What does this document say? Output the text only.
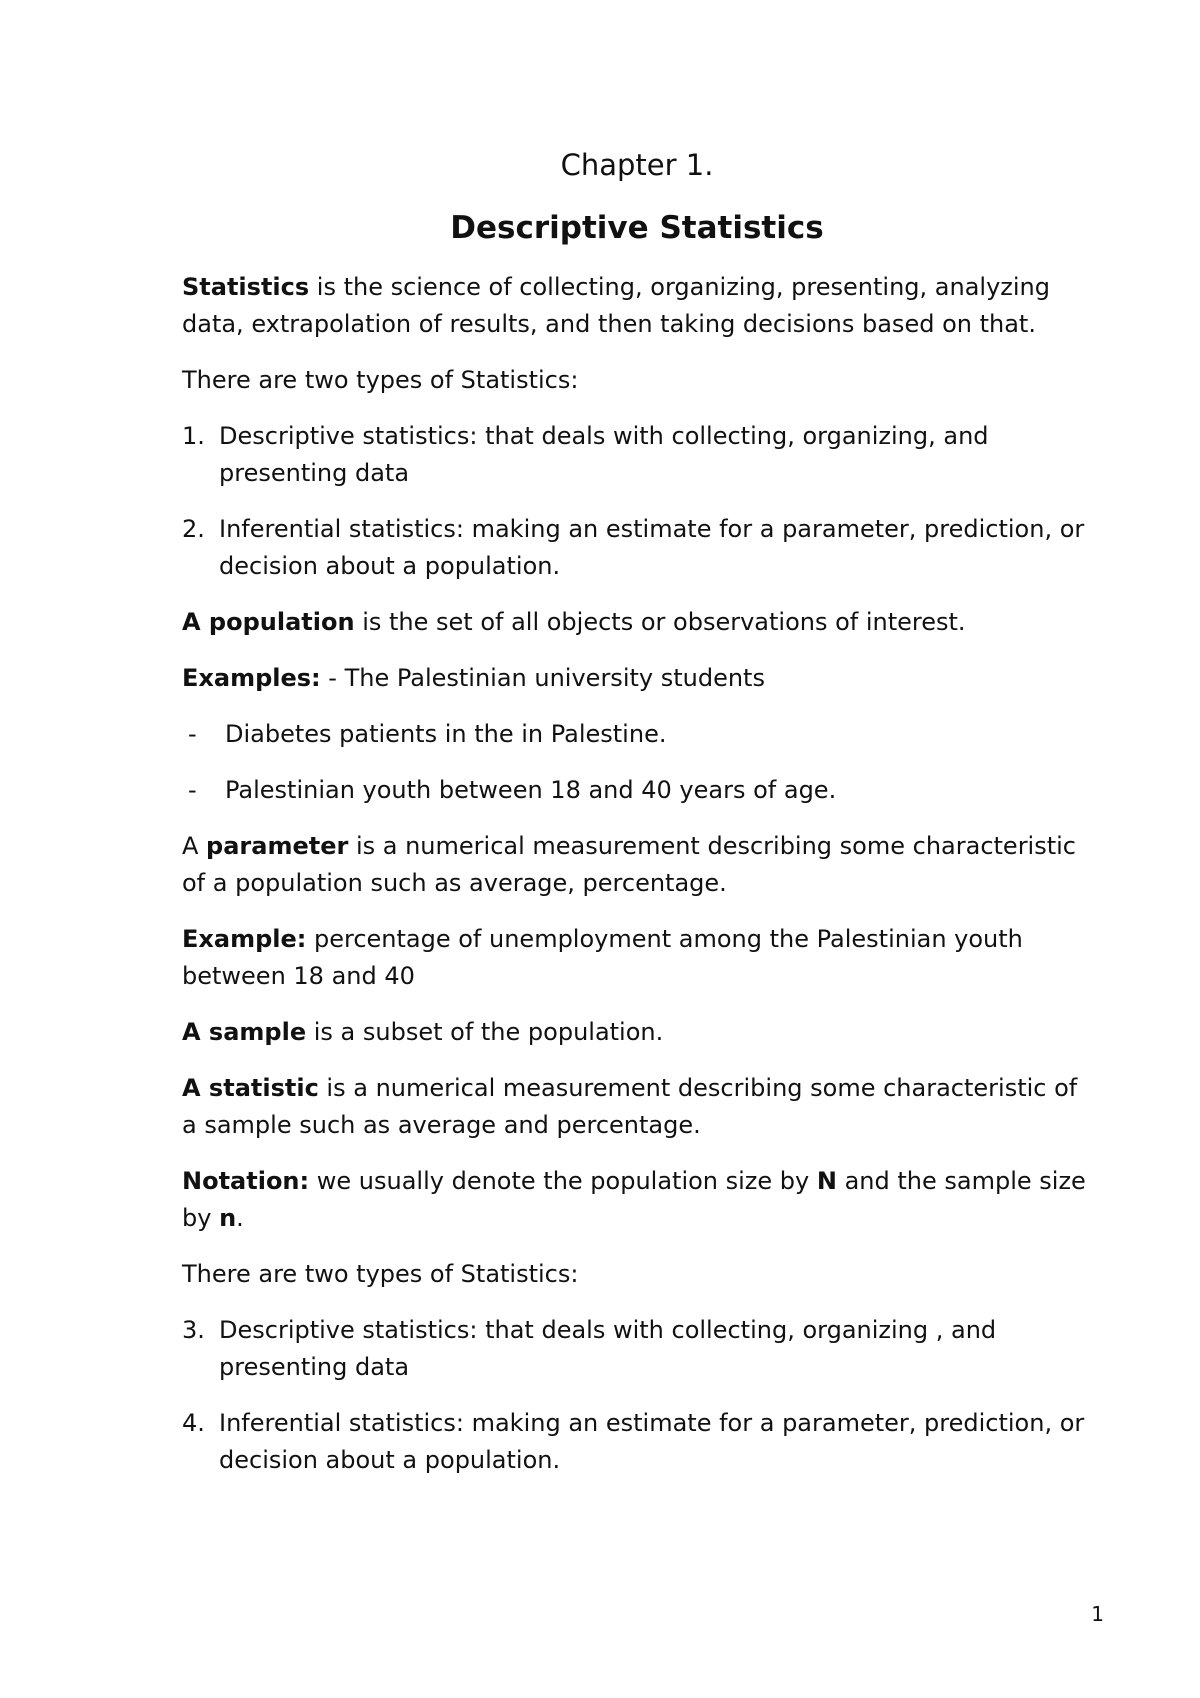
Chapter 1.
Descriptive Statistics

Statistics is the science of collecting, organizing, presenting, analyzing data, extrapolation of results, and then taking decisions based on that.

There are two types of Statistics:

1. Descriptive statistics: that deals with collecting, organizing, and presenting data
2. Inferential statistics: making an estimate for a parameter, prediction, or decision about a population.

A population is the set of all objects or observations of interest.

Examples: - The Palestinian university students

-	Diabetes patients in the in Palestine.
-	Palestinian youth between 18 and 40 years of age.

A parameter is a numerical measurement describing some characteristic of a population such as average, percentage.

Example: percentage of unemployment among the Palestinian youth between 18 and 40

A sample is a subset of the population.

A statistic is a numerical measurement describing some characteristic of a sample such as average and percentage.

Notation: we usually denote the population size by N and the sample size by n.

There are two types of Statistics:

3. Descriptive statistics: that deals with collecting, organizing , and presenting data
4. Inferential statistics: making an estimate for a parameter, prediction, or decision about a population.
1
